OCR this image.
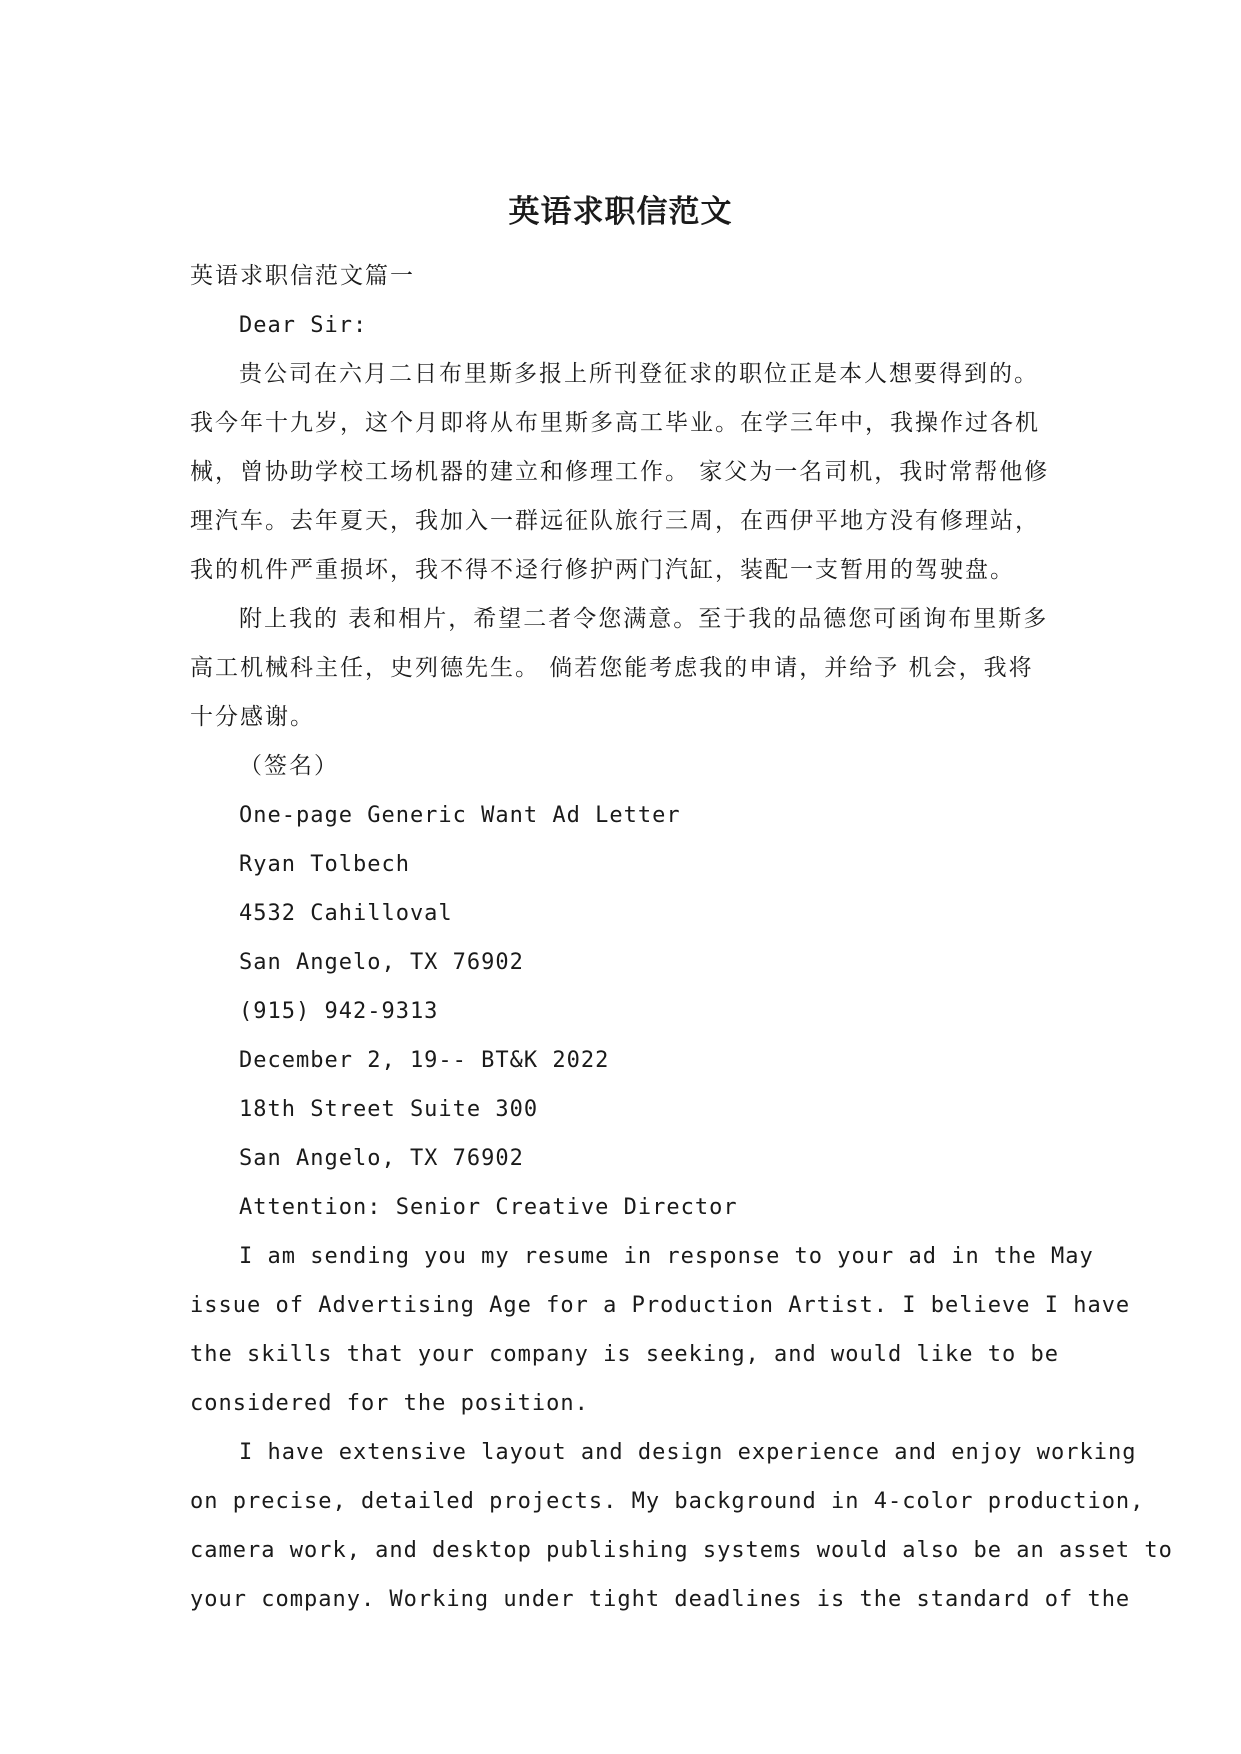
英语求职信范文

英语求职信范文篇一

Dear Sir:

贵公司在六月二日布里斯多报上所刊登征求的职位正是本人想要得到的。

我今年十九岁，这个月即将从布里斯多高工毕业。在学三年中，我操作过各机

械，曾协助学校工场机器的建立和修理工作。 家父为一名司机，我时常帮他修

理汽车。去年夏天，我加入一群远征队旅行三周，在西伊平地方没有修理站，

我的机件严重损坏，我不得不迳行修护两门汽缸，装配一支暂用的驾驶盘。

附上我的 表和相片，希望二者令您满意。至于我的品德您可函询布里斯多

高工机械科主任，史列德先生。 倘若您能考虑我的申请，并给予 机会，我将

十分感谢。

（签名）

One-page Generic Want Ad Letter

Ryan Tolbech

4532 Cahilloval

San Angelo, TX 76902

(915) 942-9313

December 2, 19-- BT&K 2022

18th Street Suite 300

San Angelo, TX 76902

Attention: Senior Creative Director

I am sending you my resume in response to your ad in the May

issue of Advertising Age for a Production Artist. I believe I have

the skills that your company is seeking, and would like to be

considered for the position.

I have extensive layout and design experience and enjoy working

on precise, detailed projects. My background in 4-color production,

camera work, and desktop publishing systems would also be an asset to

your company. Working under tight deadlines is the standard of the
